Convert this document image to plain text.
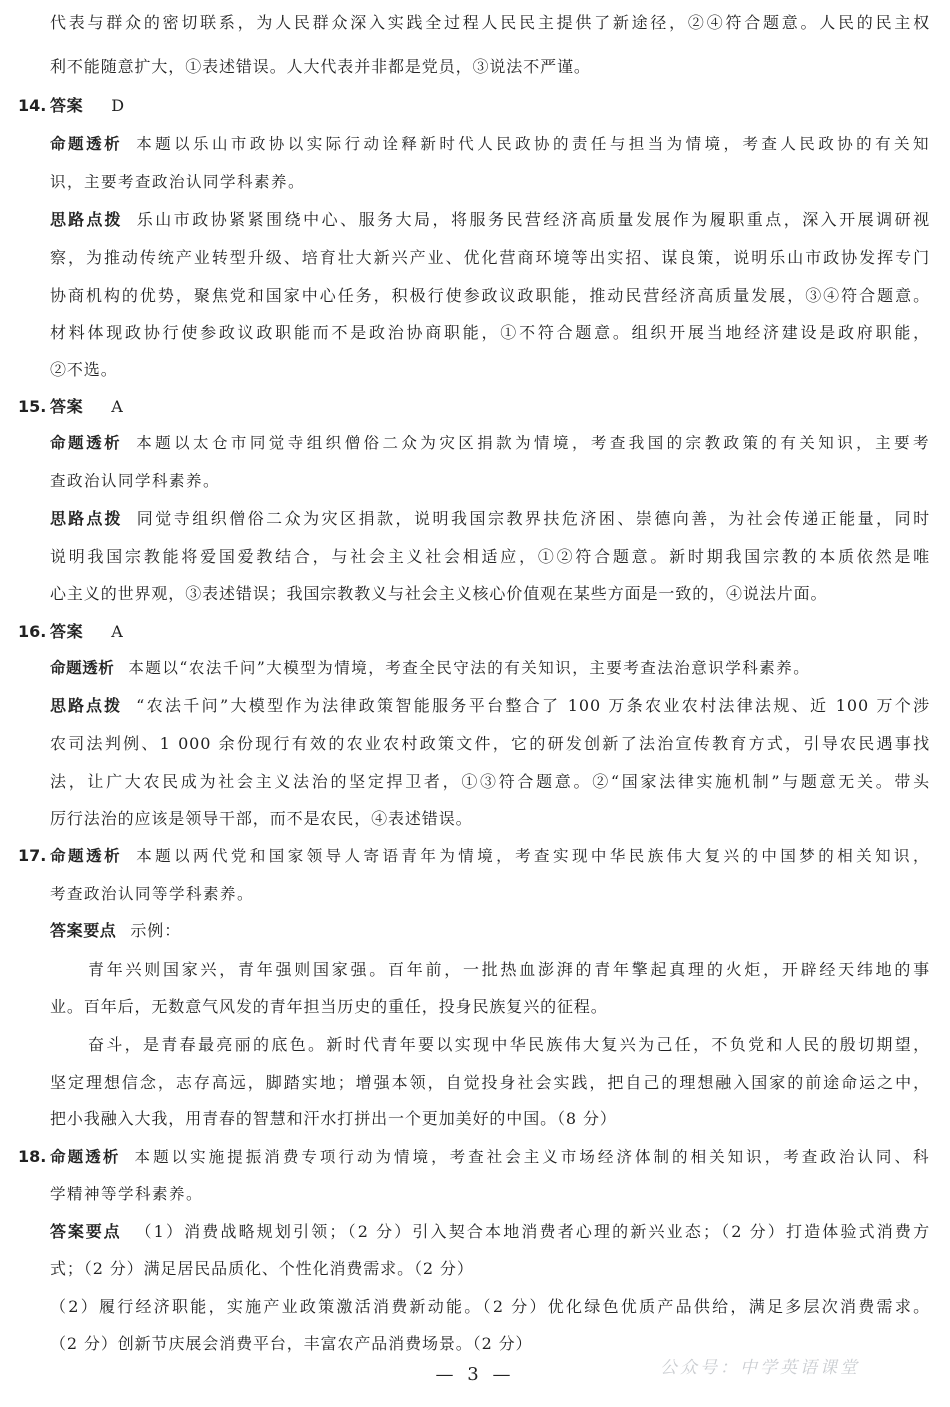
代表与群众的密切联系，为人民群众深入实践全过程人民民主提供了新途径，②④符合题意。人民的民主权
利不能随意扩大，①表述错误。人大代表并非都是党员，③说法不严谨。
14. 答案 D
命题透析 本题以乐山市政协以实际行动诠释新时代人民政协的责任与担当为情境，考查人民政协的有关知
识，主要考查政治认同学科素养。
思路点拨 乐山市政协紧紧围绕中心、服务大局，将服务民营经济高质量发展作为履职重点，深入开展调研视
察，为推动传统产业转型升级、培育壮大新兴产业、优化营商环境等出实招、谋良策，说明乐山市政协发挥专门
协商机构的优势，聚焦党和国家中心任务，积极行使参政议政职能，推动民营经济高质量发展，③④符合题意。
材料体现政协行使参政议政职能而不是政治协商职能，①不符合题意。组织开展当地经济建设是政府职能，
②不选。
15. 答案 A
命题透析 本题以太仓市同觉寺组织僧俗二众为灾区捐款为情境，考查我国的宗教政策的有关知识，主要考
查政治认同学科素养。
思路点拨 同觉寺组织僧俗二众为灾区捐款，说明我国宗教界扶危济困、崇德向善，为社会传递正能量，同时
说明我国宗教能将爱国爱教结合，与社会主义社会相适应，①②符合题意。新时期我国宗教的本质依然是唯
心主义的世界观，③表述错误；我国宗教教义与社会主义核心价值观在某些方面是一致的，④说法片面。
16. 答案 A
命题透析 本题以“农法千问”大模型为情境，考查全民守法的有关知识，主要考查法治意识学科素养。
思路点拨 “农法千问”大模型作为法律政策智能服务平台整合了 100 万条农业农村法律法规、近 100 万个涉
农司法判例、1 000 余份现行有效的农业农村政策文件，它的研发创新了法治宣传教育方式，引导农民遇事找
法，让广大农民成为社会主义法治的坚定捍卫者，①③符合题意。②“国家法律实施机制”与题意无关。带头
厉行法治的应该是领导干部，而不是农民，④表述错误。
17. 命题透析 本题以两代党和国家领导人寄语青年为情境，考查实现中华民族伟大复兴的中国梦的相关知识，
考查政治认同等学科素养。
答案要点 示例：
青年兴则国家兴，青年强则国家强。百年前，一批热血澎湃的青年擎起真理的火炬，开辟经天纬地的事
业。百年后，无数意气风发的青年担当历史的重任，投身民族复兴的征程。
奋斗，是青春最亮丽的底色。新时代青年要以实现中华民族伟大复兴为己任，不负党和人民的殷切期望，
坚定理想信念，志存高远，脚踏实地；增强本领，自觉投身社会实践，把自己的理想融入国家的前途命运之中，
把小我融入大我，用青春的智慧和汗水打拼出一个更加美好的中国。（8 分）
18. 命题透析 本题以实施提振消费专项行动为情境，考查社会主义市场经济体制的相关知识，考查政治认同、科
学精神等学科素养。
答案要点 （1）消费战略规划引领；（2 分）引入契合本地消费者心理的新兴业态；（2 分）打造体验式消费方
式；（2 分）满足居民品质化、个性化消费需求。（2 分）
（2）履行经济职能，实施产业政策激活消费新动能。（2 分）优化绿色优质产品供给，满足多层次消费需求。
（2 分）创新节庆展会消费平台，丰富农产品消费场景。（2 分）
公众号：中学英语课堂
— 3 —
